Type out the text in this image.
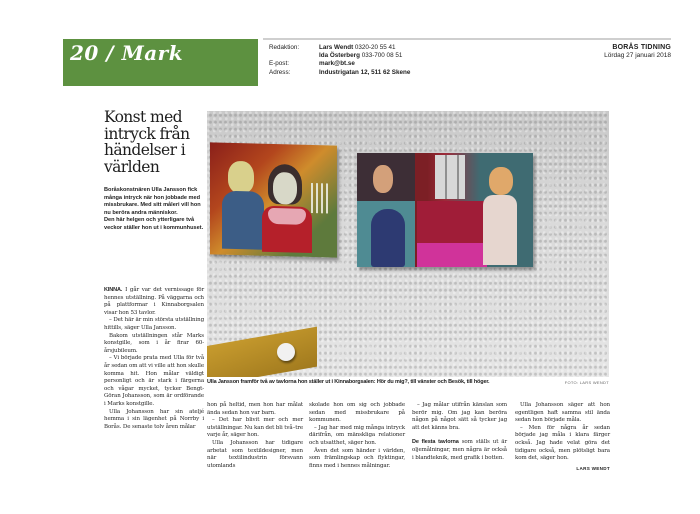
20 / Mark	Redaktion:	Lars Wendt 0320-20 55 41
Ida Österberg 033-700 08 51
E-post:	mark@bt.se
Adress:	Industrigatan 12, 511 62 Skene
BORÅS TIDNING
Lördag 27 januari 2018
Konst med intryck från händelser i världen

Boråskonstnären Ulla Jansson fick många intryck när hon jobbade med missbrukare. Med sitt måleri vill hon nu beröra andra människor.

Den här helgen och ytterligare två veckor ställer hon ut i kommunhuset.

Ulla Jansson framför två av tavlorna hon ställer ut i Kinnaborgsalen: Hör du mig?, till vänster och Besök, till höger.	FOTO: LARS WENDT

KINNA. I går var det vernissage för hennes utställning. På väggarna och på plattformar i Kinnaborgsalen visar hon 53 tavlor.

– Det här är min största utställning hittills, säger Ulla Jansson.

Bakom utställningen står Marks konstgille, som i år firar 60-årsjubileum.

– Vi började prata med Ulla för två år sedan om att vi ville att hon skulle komma hit. Hon målar väldigt personligt och är stark i färgerna och vågar mycket, tycker Bengt-Göran Johansson, som är ordförande i Marks konstgille.

Ulla Johansson har sin ateljé hemma i sin lägenhet på Norrby i Borås. De senaste tolv åren målar

hon på heltid, men hon har målat ända sedan hon var barn.

– Det har blivit mer och mer utställningar. Nu kan det bli två–tre varje år, säger hon.

Ulla Johansson har tidigare arbetat som textildesigner, men när textilindustrin försvann utomlands

skolade hon om sig och jobbade sedan med missbrukare på kommunen.

– Jag har med mig många intryck därifrån, om mänskliga relationer och utsatthet, säger hon.

Även det som händer i världen, som främlingskap och flyktingar, finns med i hennes målningar.

– Jag målar utifrån känslan som berör mig. Om jag kan beröra någon på något sätt så tycker jag att det känns bra.

De flesta tavlorna som ställs ut är oljemålningar, men några är också i blandteknik, med grafik i botten.

Ulla Johansson säger att hon egentligen haft samma stil ända sedan hon började måla.

– Men för några år sedan började jag måla i klara färger också. Jag hade velat göra det tidigare också, men plötsligt bara kom det, säger hon.

LARS WENDT
